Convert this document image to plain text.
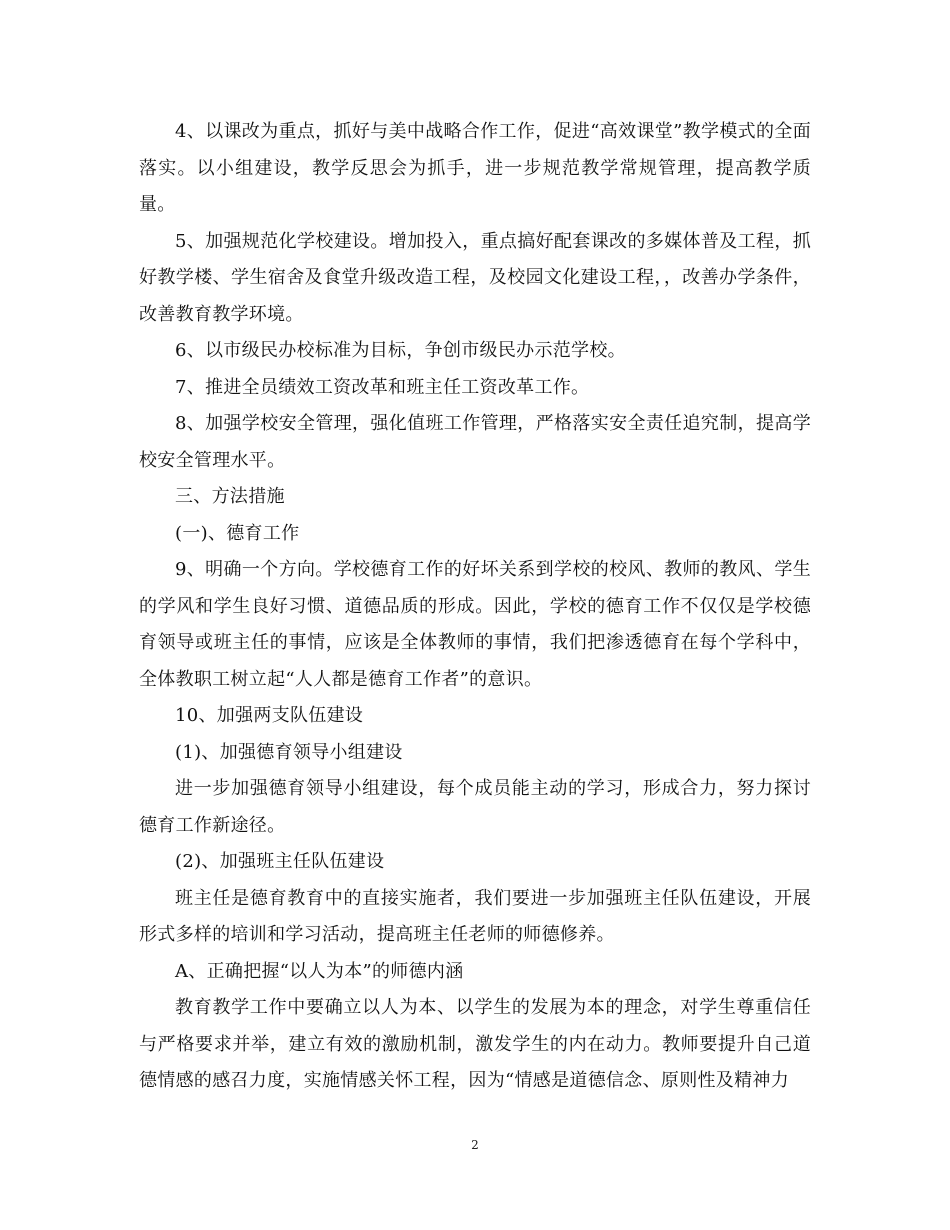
4、以课改为重点，抓好与美中战略合作工作，促进“高效课堂”教学模式的全面落实。以小组建设，教学反思会为抓手，进一步规范教学常规管理，提高教学质量。

5、加强规范化学校建设。增加投入，重点搞好配套课改的多媒体普及工程，抓好教学楼、学生宿舍及食堂升级改造工程，及校园文化建设工程，，改善办学条件，改善教育教学环境。

6、以市级民办校标准为目标，争创市级民办示范学校。

7、推进全员绩效工资改革和班主任工资改革工作。

8、加强学校安全管理，强化值班工作管理，严格落实安全责任追究制，提高学校安全管理水平。

三、方法措施

(一)、德育工作

9、明确一个方向。学校德育工作的好坏关系到学校的校风、教师的教风、学生的学风和学生良好习惯、道德品质的形成。因此，学校的德育工作不仅仅是学校德育领导或班主任的事情，应该是全体教师的事情，我们把渗透德育在每个学科中，全体教职工树立起“人人都是德育工作者”的意识。

10、加强两支队伍建设

(1)、加强德育领导小组建设

进一步加强德育领导小组建设，每个成员能主动的学习，形成合力，努力探讨德育工作新途径。

(2)、加强班主任队伍建设

班主任是德育教育中的直接实施者，我们要进一步加强班主任队伍建设，开展形式多样的培训和学习活动，提高班主任老师的师德修养。

A、正确把握“以人为本”的师德内涵

教育教学工作中要确立以人为本、以学生的发展为本的理念，对学生尊重信任与严格要求并举，建立有效的激励机制，激发学生的内在动力。教师要提升自己道德情感的感召力度，实施情感关怀工程，因为“情感是道德信念、原则性及精神力

2
